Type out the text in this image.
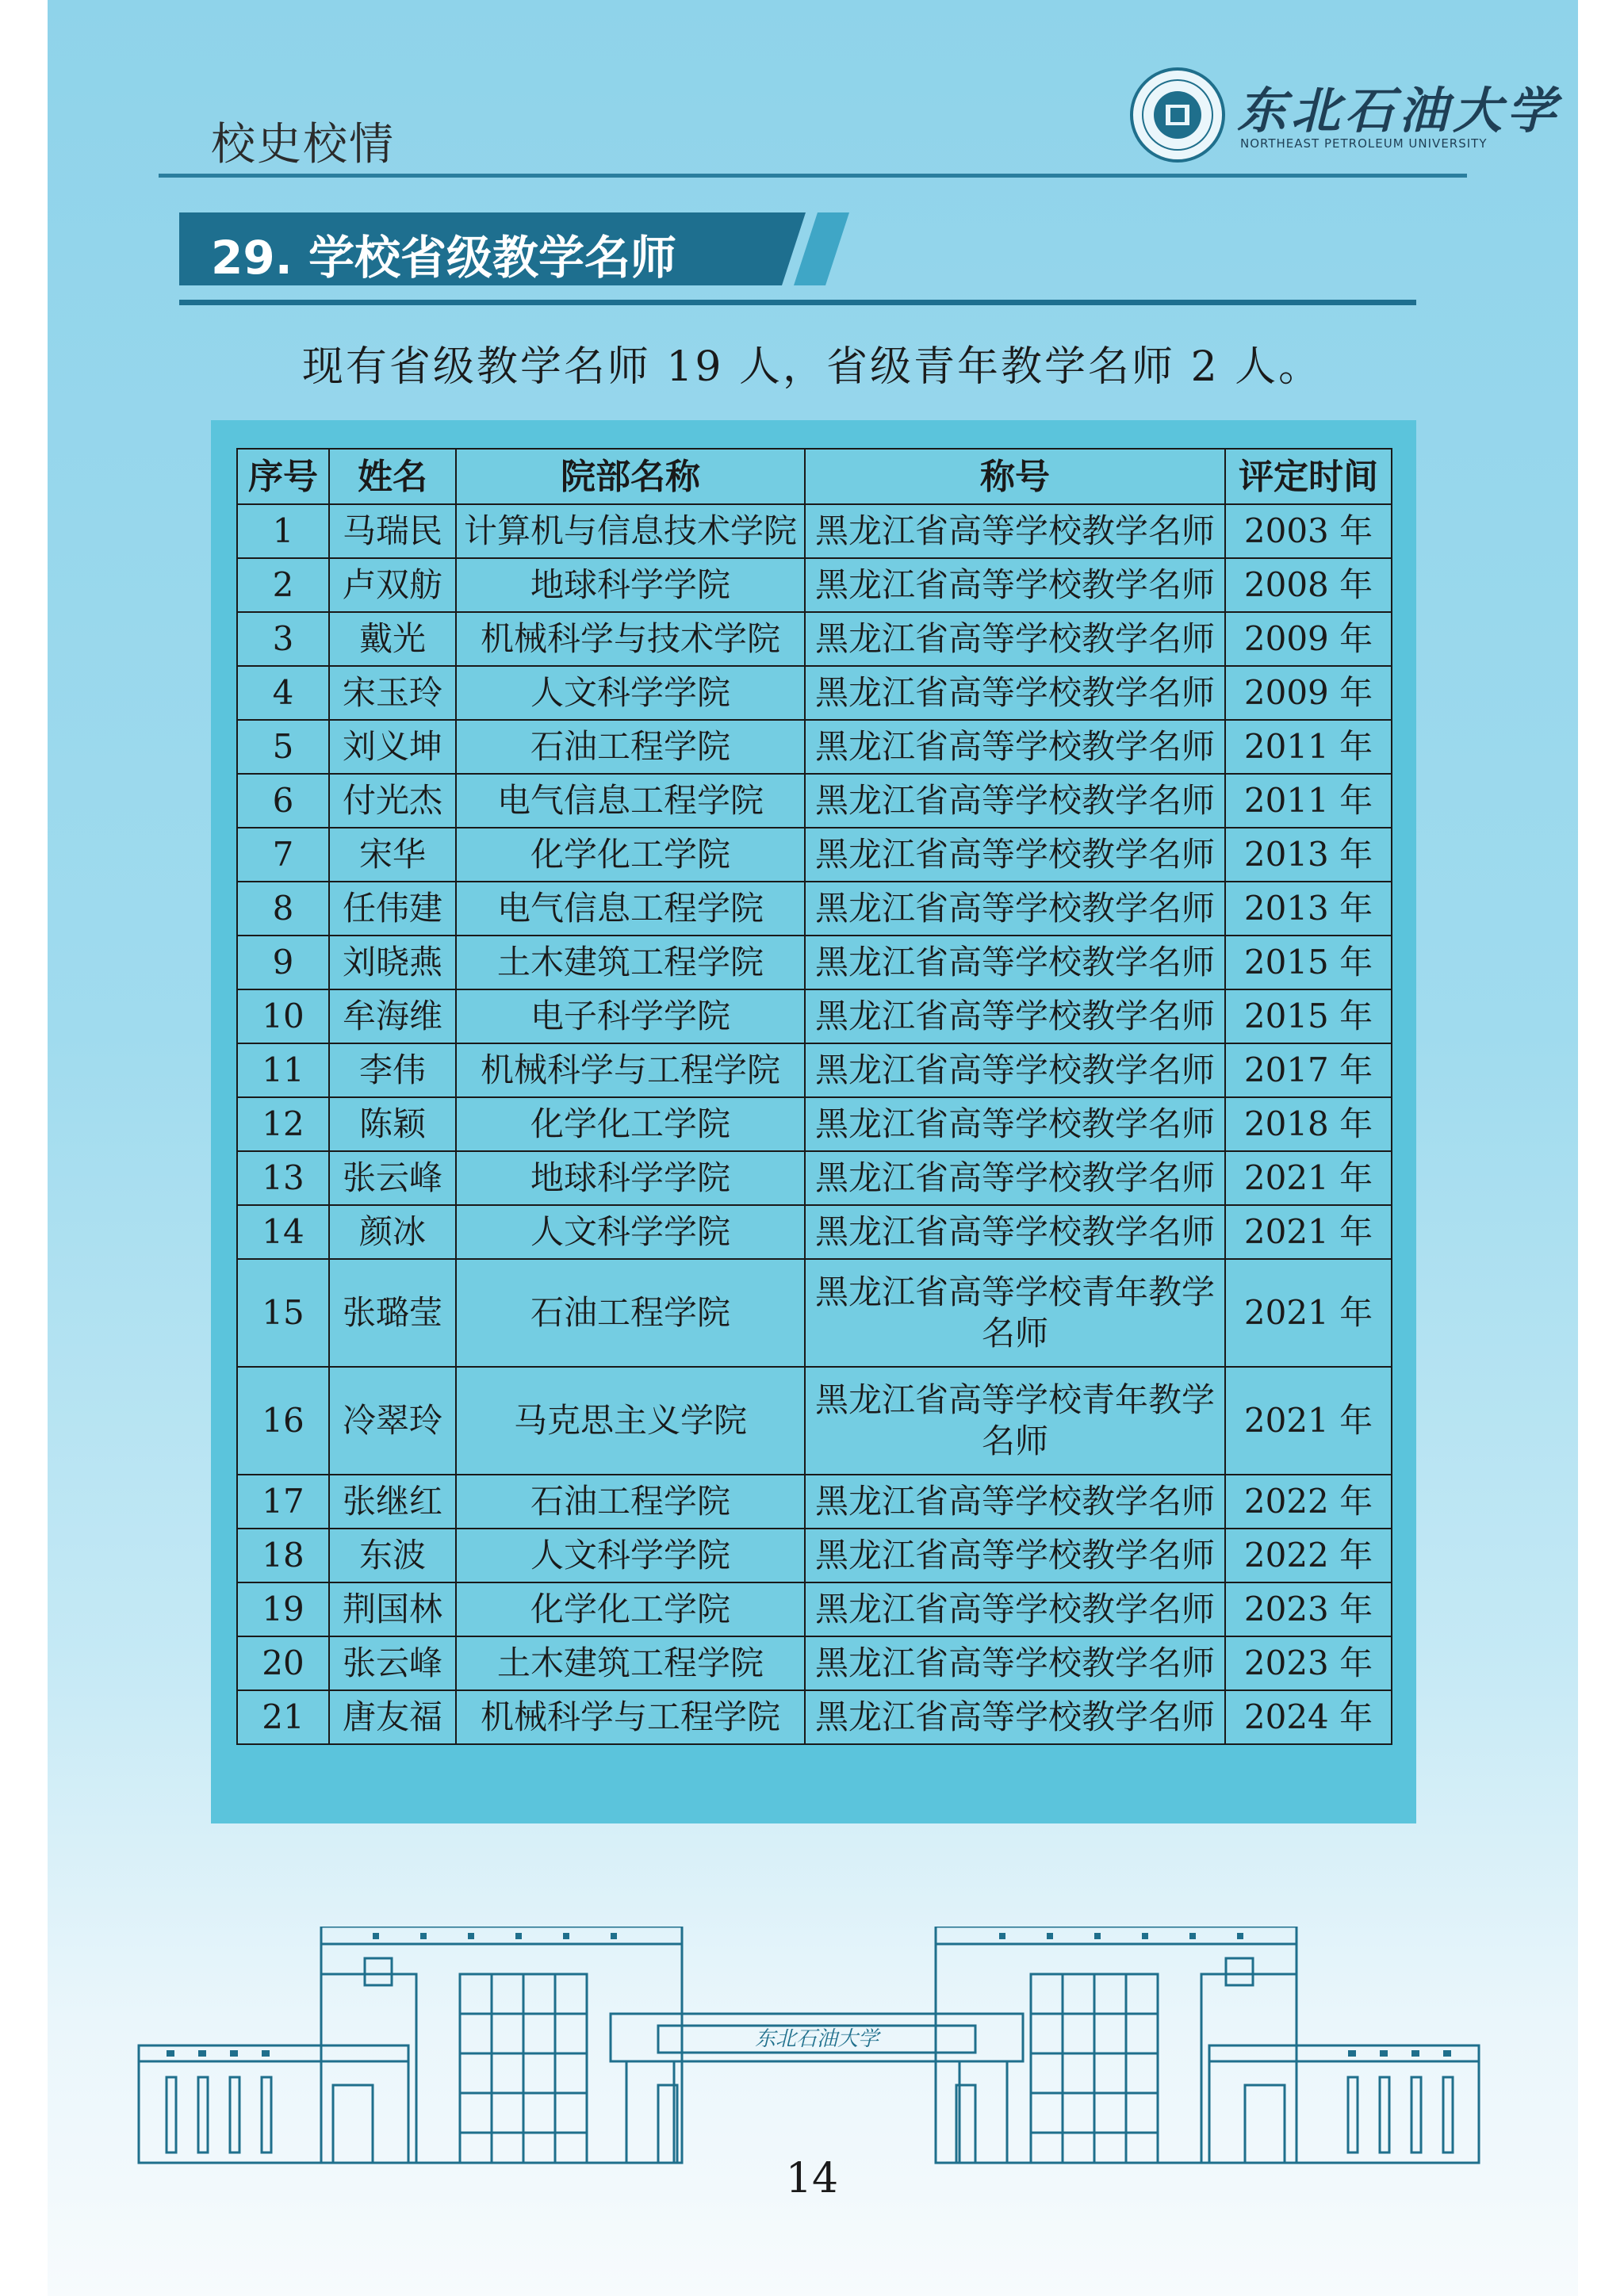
校史校情
东北石油大学
NORTHEAST PETROLEUM UNIVERSITY
29. 学校省级教学名师
现有省级教学名师 19 人，省级青年教学名师 2 人。
序号	姓名	院部名称	称号	评定时间
1	马瑞民	计算机与信息技术学院	黑龙江省高等学校教学名师	2003 年
2	卢双舫	地球科学学院	黑龙江省高等学校教学名师	2008 年
3	戴光	机械科学与技术学院	黑龙江省高等学校教学名师	2009 年
4	宋玉玲	人文科学学院	黑龙江省高等学校教学名师	2009 年
5	刘义坤	石油工程学院	黑龙江省高等学校教学名师	2011 年
6	付光杰	电气信息工程学院	黑龙江省高等学校教学名师	2011 年
7	宋华	化学化工学院	黑龙江省高等学校教学名师	2013 年
8	任伟建	电气信息工程学院	黑龙江省高等学校教学名师	2013 年
9	刘晓燕	土木建筑工程学院	黑龙江省高等学校教学名师	2015 年
10	牟海维	电子科学学院	黑龙江省高等学校教学名师	2015 年
11	李伟	机械科学与工程学院	黑龙江省高等学校教学名师	2017 年
12	陈颖	化学化工学院	黑龙江省高等学校教学名师	2018 年
13	张云峰	地球科学学院	黑龙江省高等学校教学名师	2021 年
14	颜冰	人文科学学院	黑龙江省高等学校教学名师	2021 年
15	张璐莹	石油工程学院	黑龙江省高等学校青年教学名师	2021 年
16	冷翠玲	马克思主义学院	黑龙江省高等学校青年教学名师	2021 年
17	张继红	石油工程学院	黑龙江省高等学校教学名师	2022 年
18	东波	人文科学学院	黑龙江省高等学校教学名师	2022 年
19	荆国林	化学化工学院	黑龙江省高等学校教学名师	2023 年
20	张云峰	土木建筑工程学院	黑龙江省高等学校教学名师	2023 年
21	唐友福	机械科学与工程学院	黑龙江省高等学校教学名师	2024 年
东北石油大学
14
